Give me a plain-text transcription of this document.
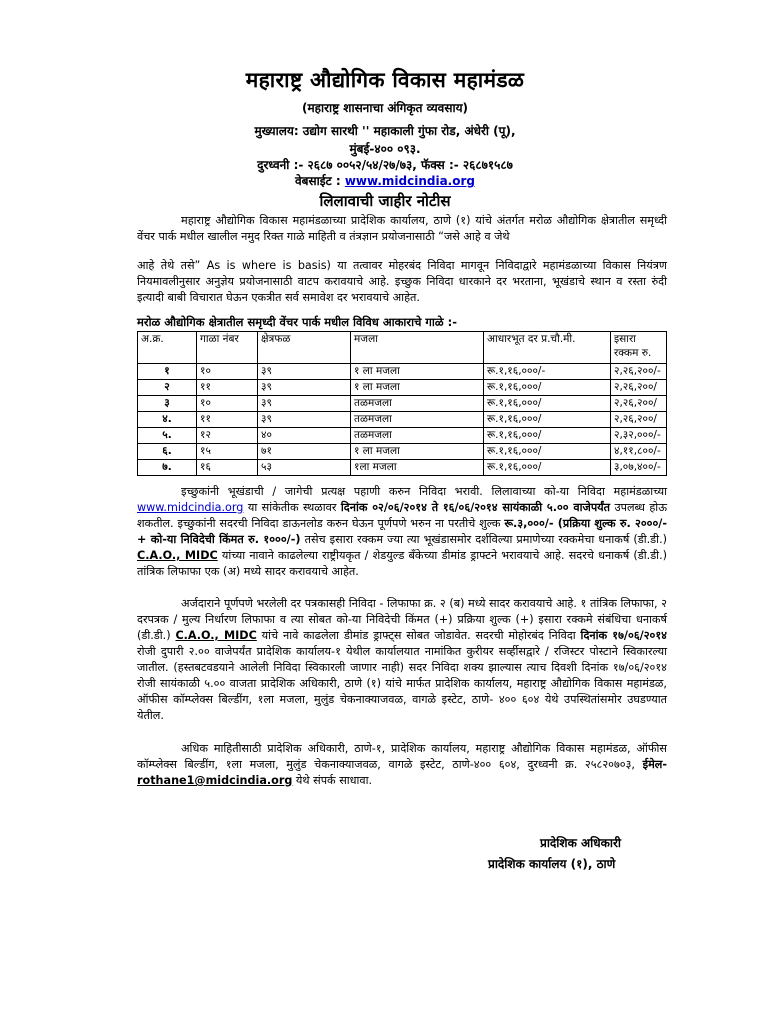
महाराष्ट्र औद्योगिक विकास महामंडळ
(महाराष्ट्र शासनाचा अंगिकृत व्यवसाय)
मुख्यालय: उद्योग सारथी '' महाकाली गुंफा रोड, अंधेरी (पू),
मुंबई-४०० ०९३.
दुरध्वनी :- २६८७ ००५२/५४/२७/७३, फॅक्स :- २६८७१५८७
वेबसाईट : www.midcindia.org
लिलावाची जाहीर नोटीस
महाराष्ट्र औद्योगिक विकास महामंडळाच्या प्रादेशिक कार्यालय, ठाणे (१) यांचे अंतर्गत मरोळ औद्योगिक क्षेत्रातील समृध्दी वेंचर पार्क मधील खालील नमुद रिक्त गाळे माहिती व तंत्रज्ञान प्रयोजनासाठी “जसे आहे व जेथे
आहे तेथे तसे” As is where is basis) या तत्वावर मोहरबंद निविदा मागवून निविदाद्वारे महामंडळाच्या विकास नियंत्रण नियमावलीनुसार अनुज्ञेय प्रयोजनासाठी वाटप करावयाचे आहे. इच्छुक निविदा धारकाने दर भरताना, भूखंडाचे स्थान व रस्ता रुंदी इत्यादी बाबी विचारात घेऊन एकत्रीत सर्व समावेश दर भरावयाचे आहेत.
मरोळ औद्योगिक क्षेत्रातील समृध्दी वेंचर पार्क मधील विविध आकाराचे गाळे :-
अ.क्र.	गाळा नंबर	क्षेत्रफळ	मजला	आधारभूत दर प्र.चौ.मी.	इसारा रक्कम रु.
१	१०	३९	१ ला मजला	रू.१,१६,०००/-	२,२६,२००/-
२	११	३९	१ ला मजला	रू.१,१६,०००/	२,२६,२००/
३	१०	३९	तळमजला	रू.१,१६,०००/	२,२६,२००/
४.	११	३९	तळमजला	रू.१,१६,०००/	२,२६,२००/
५.	१२	४०	तळमजला	रू.१,१६,०००/	२,३२,०००/-
६.	१५	७१	१ ला मजला	रू.१,१६,०००/	४,११,८००/-
७.	१६	५३	१ला मजला	रू.१,१६,०००/	३,०७,४००/-
इच्छुकांनी भूखंडाची / जागेची प्रत्यक्ष पहाणी करुन निविदा भरावी. लिलावाच्या को-या निविदा महामंडळाच्या www.midcindia.org या सांकेतीक स्थळावर दिनांक ०२/०६/२०१४ ते १६/०६/२०१४ सायंकाळी ५.०० वाजेपर्यंत उपलब्ध होऊ शकतील. इच्छुकांनी सदरची निविदा डाऊनलोड करुन घेऊन पूर्णपणे भरुन ना परतीचे शुल्क रू.३,०००/- (प्रक्रिया शुल्क रु. २०००/- + को-या निविदेची किंमत रु. १०००/-) तसेच इसारा रक्कम ज्या त्या भूखंडासमोर दर्शविल्या प्रमाणेच्या रक्कमेचा धनाकर्ष (डी.डी.) C.A.O., MIDC यांच्या नावाने काढलेल्या राष्ट्रीयकृत / शेडयुल्ड बँकेच्या डीमांड ड्राफ्टने भरावयाचे आहे. सदरचे धनाकर्ष (डी.डी.) तांत्रिक लिफाफा एक (अ) मध्ये सादर करावयाचे आहेत.
अर्जदाराने पूर्णपणे भरलेली दर पत्रकासही निविदा - लिफाफा क्र. २ (ब) मध्ये सादर करावयाचे आहे. १ तांत्रिक लिफाफा, २ दरपत्रक / मुल्य निर्धारण लिफाफा व त्या सोबत को-या निविदेची किंमत (+) प्रक्रिया शुल्क (+) इसारा रक्कमे संबंधिचा धनाकर्ष (डी.डी.) C.A.O., MIDC यांचे नावे काढलेला डीमांड ड्राफ्ट्स सोबत जोडावेत. सदरची मोहोरबंद निविदा दिनांक १७/०६/२०१४ रोजी दुपारी २.०० वाजेपर्यंत प्रादेशिक कार्यालय-१ येथील कार्यालयात नामांकित कुरीयर सर्व्हीसद्वारे / रजिस्टर पोस्टाने स्विकारल्या जातील. (हस्तबटवडयाने आलेली निविदा स्विकारली जाणार नाही) सदर निविदा शक्य झाल्यास त्याच दिवशी दिनांक १७/०६/२०१४ रोजी सायंकाळी ५.०० वाजता प्रादेशिक अधिकारी, ठाणे (१) यांचे मार्फत प्रादेशिक कार्यालय, महाराष्ट्र औद्योगिक विकास महामंडळ, ऑफीस कॉम्प्लेक्स बिल्डींग, १ला मजला, मुलुंड चेकनाक्याजवळ, वागळे इस्टेट, ठाणे- ४०० ६०४ येथे उपस्थितांसमोर उघडण्यात येतील.
अधिक माहितीसाठी प्रादेशिक अधिकारी, ठाणे-१, प्रादेशिक कार्यालय, महाराष्ट्र औद्योगिक विकास महामंडळ, ऑफीस कॉम्प्लेक्स बिल्डींग, १ला मजला, मुलुंड चेकनाक्याजवळ, वागळे इस्टेट, ठाणे-४०० ६०४, दुरध्वनी क्र. २५८२०७०३, ईमेल- rothane1@midcindia.org येथे संपर्क साधावा.
प्रादेशिक अधिकारी
प्रादेशिक कार्यालय (१), ठाणे
